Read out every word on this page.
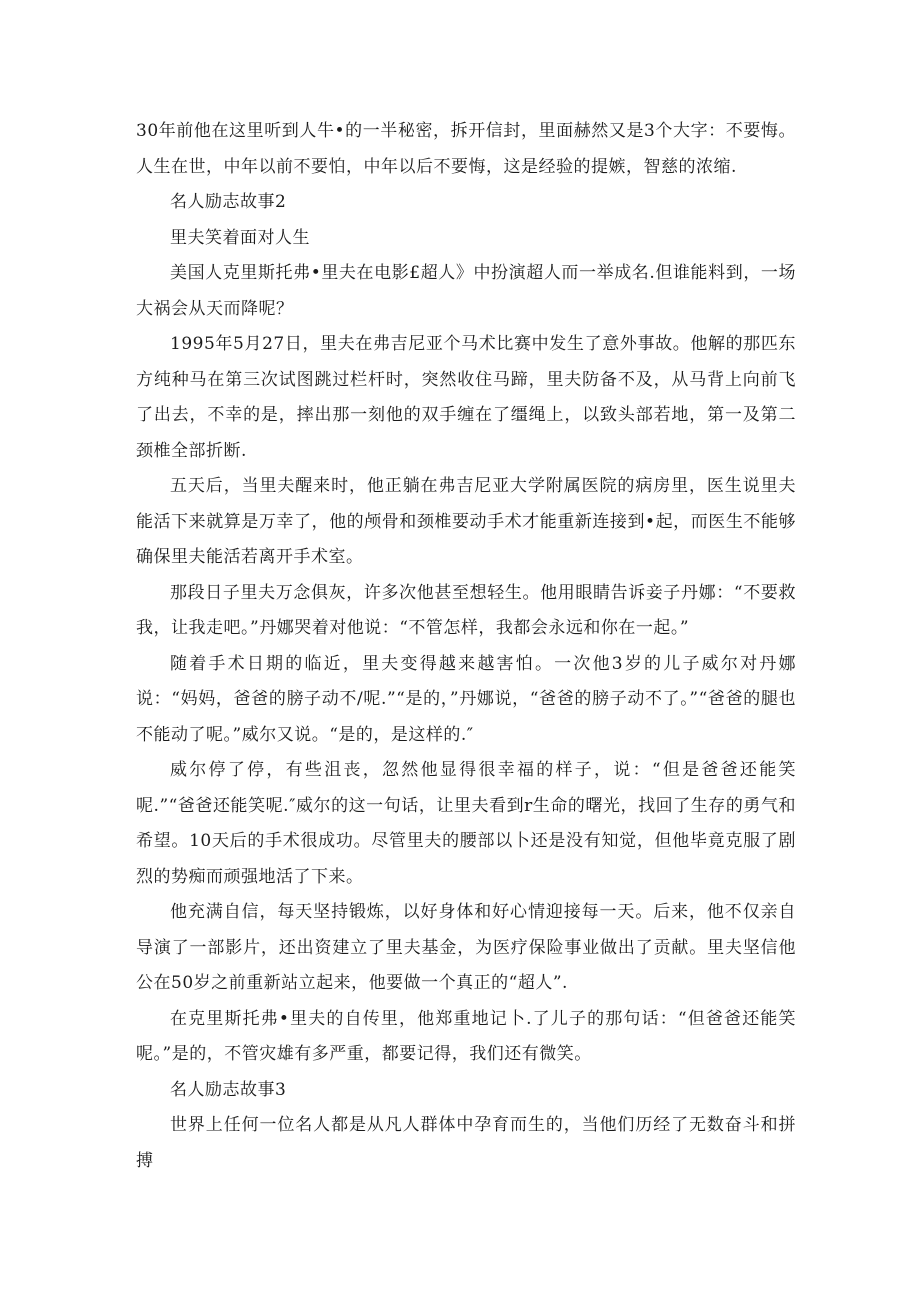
30年前他在这里听到人牛•的一半秘密，拆开信封，里面赫然又是3个大字：不要悔。人生在世，中年以前不要怕，中年以后不要悔，这是经验的提嫉，智慈的浓缩.

名人励志故事2

里夫笑着面对人生

美国人克里斯托弗•里夫在电影£超人》中扮演超人而一举成名.但谁能料到，一场大祸会从天而降呢？

1995年5月27日，里夫在弗吉尼亚个马术比赛中发生了意外事故。他解的那匹东方纯种马在第三次试图跳过栏杆时，突然收住马蹄，里夫防备不及，从马背上向前飞了出去，不幸的是，摔出那一刻他的双手缠在了缰绳上，以致头部若地，第一及第二颈椎全部折断.

五天后，当里夫醒来时，他正躺在弗吉尼亚大学附属医院的病房里，医生说里夫能活下来就算是万幸了，他的颅骨和颈椎要动手术才能重新连接到•起，而医生不能够确保里夫能活若离开手术室。

那段日子里夫万念俱灰，许多次他甚至想轻生。他用眼睛告诉妾子丹娜：“不要救我，让我走吧。”丹娜哭着对他说：“不管怎样，我都会永远和你在一起。”

随着手术日期的临近，里夫变得越来越害怕。一次他3岁的儿子威尔对丹娜说：“妈妈，爸爸的膀子动不/呢.”“是的，”丹娜说，“爸爸的膀子动不了。”“爸爸的腿也不能动了呢。”威尔又说。“是的，是这样的.″

威尔停了停，有些沮丧，忽然他显得很幸福的样子，说：“但是爸爸还能笑呢.”“爸爸还能笑呢.″威尔的这一句话，让里夫看到r生命的曙光，找回了生存的勇气和希望。10天后的手术很成功。尽管里夫的腰部以卜还是没有知觉，但他毕竟克服了剧烈的势痴而顽强地活了下来。

他充满自信，每天坚持锻炼，以好身体和好心情迎接每一天。后来，他不仅亲自导演了一部影片，还出资建立了里夫基金，为医疗保险事业做出了贡献。里夫坚信他公在50岁之前重新站立起来，他要做一个真正的“超人”.

在克里斯托弗•里夫的自传里，他郑重地记卜.了儿子的那句话：“但爸爸还能笑呢。”是的，不管灾雄有多严重，都要记得，我们还有微笑。

名人励志故事3

世界上任何一位名人都是从凡人群体中孕育而生的，当他们历经了无数奋斗和拼搏
